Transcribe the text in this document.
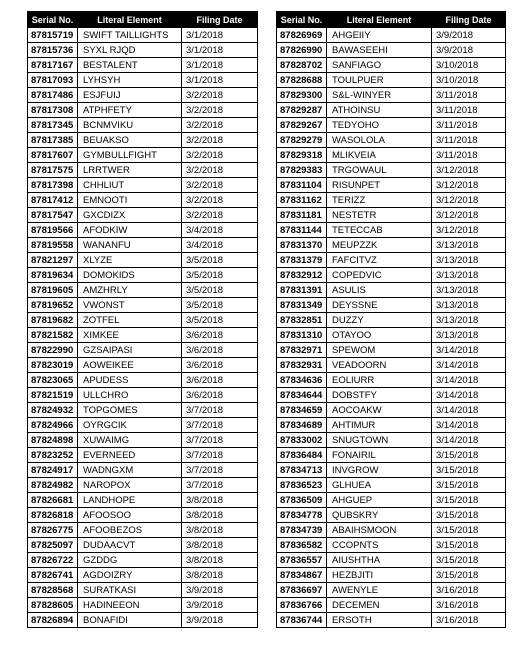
Serial No.	Literal Element	Filing Date
87815719	SWIFT TAILLIGHTS	3/1/2018
87815736	SYXL RJQD	3/1/2018
87817167	BESTALENT	3/1/2018
87817093	LYHSYH	3/1/2018
87817486	ESJFUIJ	3/2/2018
87817308	ATPHFETY	3/2/2018
87817345	BCNMVIKU	3/2/2018
87817385	BEUAKSO	3/2/2018
87817607	GYMBULLFIGHT	3/2/2018
87817575	LRRTWER	3/2/2018
87817398	CHHLIUT	3/2/2018
87817412	EMNOOTI	3/2/2018
87817547	GXCDIZX	3/2/2018
87819566	AFODKIW	3/4/2018
87819558	WANANFU	3/4/2018
87821297	XLYZE	3/5/2018
87819634	DOMOKIDS	3/5/2018
87819605	AMZHRLY	3/5/2018
87819652	VWONST	3/5/2018
87819682	ZOTFEL	3/5/2018
87821582	XIMKEE	3/6/2018
87822990	GZSAIPASI	3/6/2018
87823019	AOWEIKEE	3/6/2018
87823065	APUDESS	3/6/2018
87821519	ULLCHRO	3/6/2018
87824932	TOPGOMES	3/7/2018
87824966	OYRGCIK	3/7/2018
87824898	XUWAIMG	3/7/2018
87823252	EVERNEED	3/7/2018
87824917	WADNGXM	3/7/2018
87824982	NAROPOX	3/7/2018
87826681	LANDHOPE	3/8/2018
87826818	AFOOSOO	3/8/2018
87826775	AFOOBEZOS	3/8/2018
87825097	DUDAACVT	3/8/2018
87826722	GZDDG	3/8/2018
87826741	AGDOIZRY	3/8/2018
87828568	SURATKASI	3/9/2018
87828605	HADINEEON	3/9/2018
87826894	BONAFIDI	3/9/2018
Serial No.	Literal Element	Filing Date
87826969	AHGEIIY	3/9/2018
87826990	BAWASEEHI	3/9/2018
87828702	SANFIAGO	3/10/2018
87828688	TOULPUER	3/10/2018
87829300	S&L-WINYER	3/11/2018
87829287	ATHOINSU	3/11/2018
87829267	TEDYOHO	3/11/2018
87829279	WASOLOLA	3/11/2018
87829318	MLIKVEIA	3/11/2018
87829383	TRGOWAUL	3/12/2018
87831104	RISUNPET	3/12/2018
87831162	TERIZZ	3/12/2018
87831181	NESTETR	3/12/2018
87831144	TETECCAB	3/12/2018
87831370	MEUPZZK	3/13/2018
87831379	FAFCITVZ	3/13/2018
87832912	COPEDVIC	3/13/2018
87831391	ASULIS	3/13/2018
87831349	DEYSSNE	3/13/2018
87832851	DUZZY	3/13/2018
87831310	OTAYOO	3/13/2018
87832971	SPEWOM	3/14/2018
87832931	VEADOORN	3/14/2018
87834636	EOLIURR	3/14/2018
87834644	DOBSTFY	3/14/2018
87834659	AOCOAKW	3/14/2018
87834689	AHTIMUR	3/14/2018
87833002	SNUGTOWN	3/14/2018
87836484	FONAIRIL	3/15/2018
87834713	INVGROW	3/15/2018
87836523	GLHUEA	3/15/2018
87836509	AHGUEP	3/15/2018
87834778	QUBSKRY	3/15/2018
87834739	ABAIHSMOON	3/15/2018
87836582	CCOPNTS	3/15/2018
87836557	AIUSHTHA	3/15/2018
87834867	HEZBJITI	3/15/2018
87836697	AWENYLE	3/16/2018
87836766	DECEMEN	3/16/2018
87836744	ERSOTH	3/16/2018
